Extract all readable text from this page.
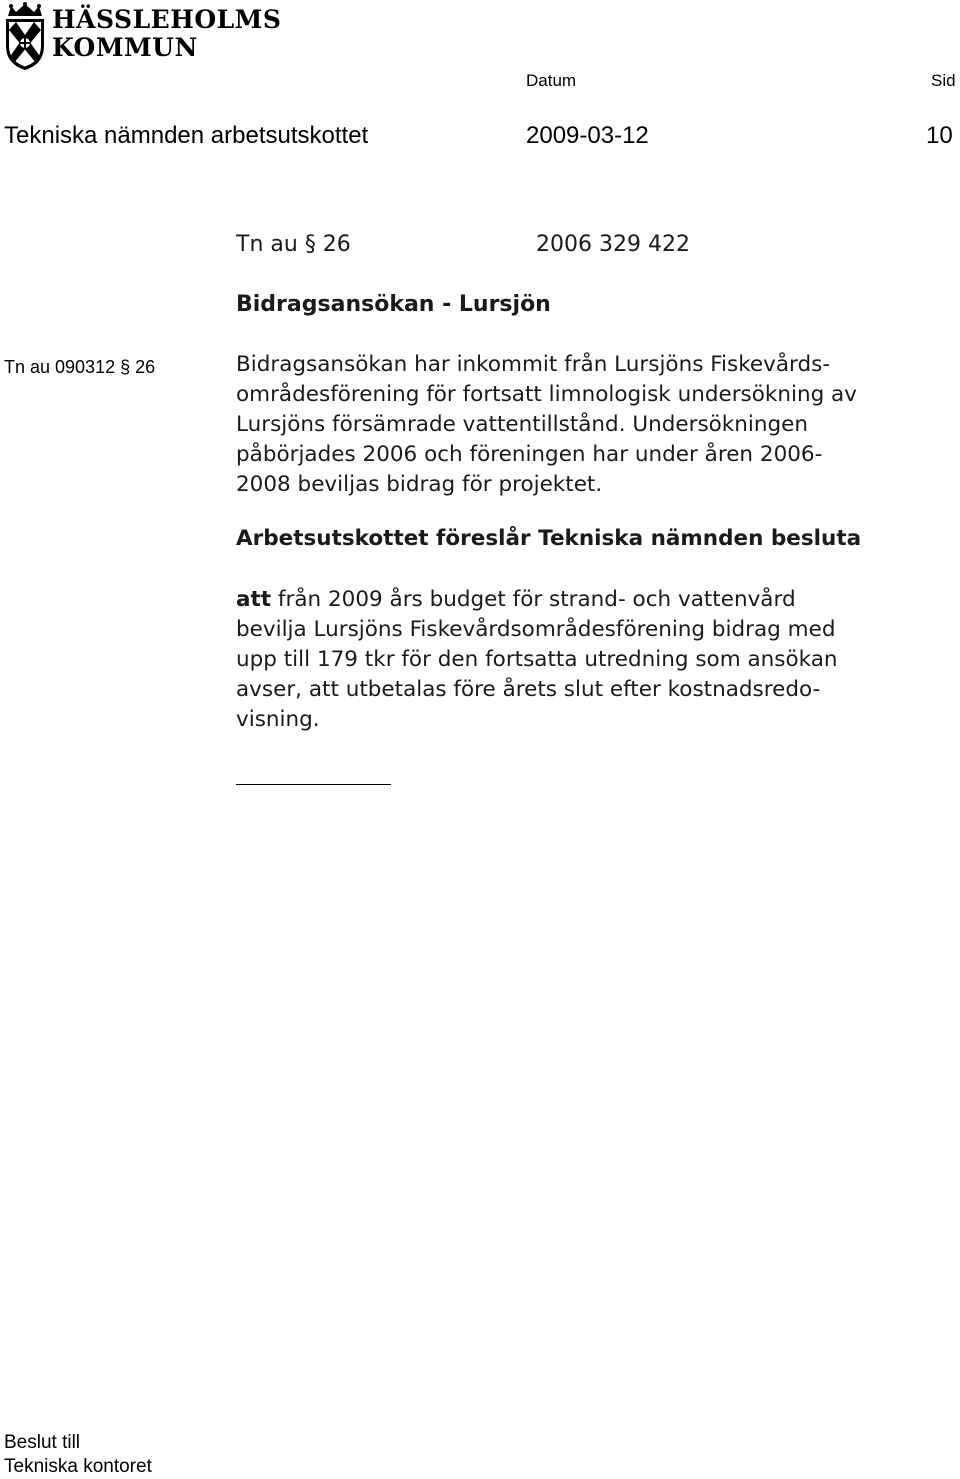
HÄSSLEHOLMS
KOMMUN
Datum	Sid
Tekniska nämnden arbetsutskottet	2009-03-12	10
Tn au § 26	2006 329 422
Bidragsansökan - Lursjön
Tn au 090312 § 26	Bidragsansökan har inkommit från Lursjöns Fiskevårds-
områdesförening för fortsatt limnologisk undersökning av
Lursjöns försämrade vattentillstånd. Undersökningen
påbörjades 2006 och föreningen har under åren 2006-
2008 beviljas bidrag för projektet.
Arbetsutskottet föreslår Tekniska nämnden besluta
att från 2009 års budget för strand- och vattenvård
bevilja Lursjöns Fiskevårdsområdesförening bidrag med
upp till 179 tkr för den fortsatta utredning som ansökan
avser, att utbetalas före årets slut efter kostnadsredo-
visning.
Beslut till
Tekniska kontoret
